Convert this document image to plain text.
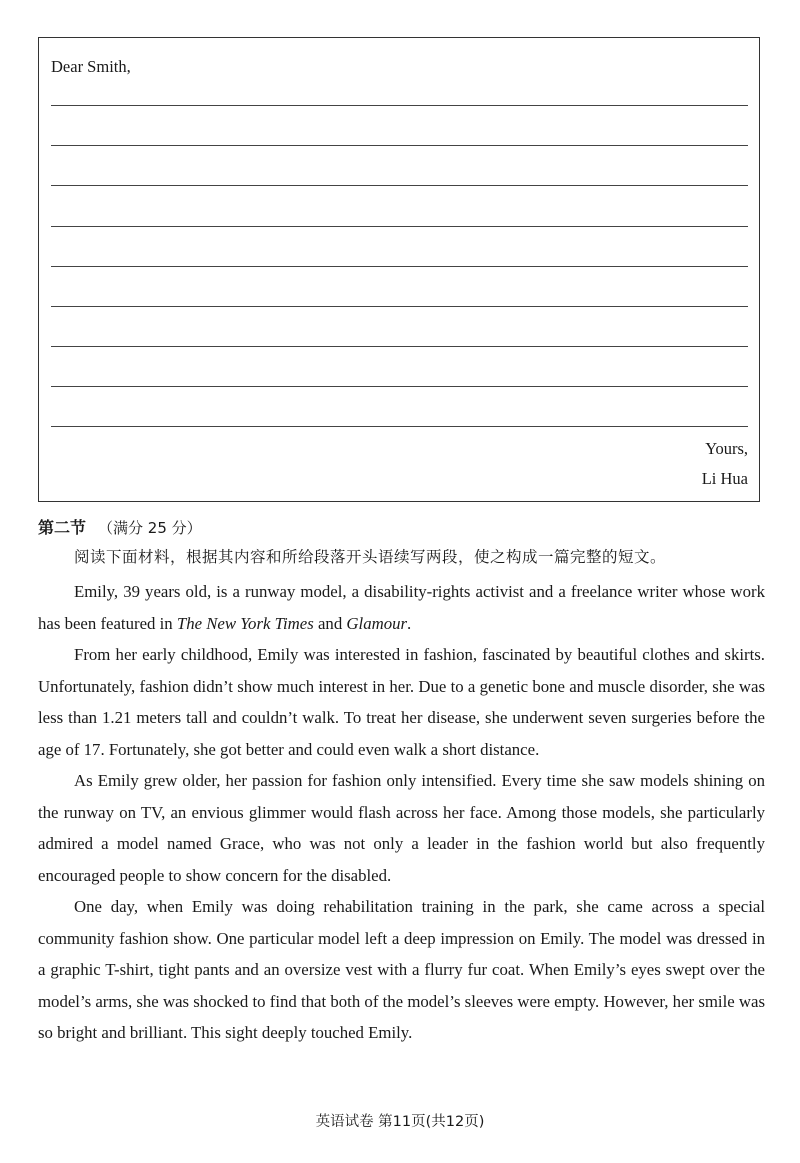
Dear Smith,

Yours,

Li Hua

第二节 （满分 25 分）

阅读下面材料，根据其内容和所给段落开头语续写两段，使之构成一篇完整的短文。

Emily, 39 years old, is a runway model, a disability-rights activist and a freelance writer whose work has been featured in The New York Times and Glamour.

From her early childhood, Emily was interested in fashion, fascinated by beautiful clothes and skirts. Unfortunately, fashion didn’t show much interest in her. Due to a genetic bone and muscle disorder, she was less than 1.21 meters tall and couldn’t walk. To treat her disease, she underwent seven surgeries before the age of 17. Fortunately, she got better and could even walk a short distance.

As Emily grew older, her passion for fashion only intensified. Every time she saw models shining on the runway on TV, an envious glimmer would flash across her face. Among those models, she particularly admired a model named Grace, who was not only a leader in the fashion world but also frequently encouraged people to show concern for the disabled.

One day, when Emily was doing rehabilitation training in the park, she came across a special community fashion show. One particular model left a deep impression on Emily. The model was dressed in a graphic T-shirt, tight pants and an oversize vest with a flurry fur coat. When Emily’s eyes swept over the model’s arms, she was shocked to find that both of the model’s sleeves were empty. However, her smile was so bright and brilliant. This sight deeply touched Emily.

英语试卷 第11页(共12页)
